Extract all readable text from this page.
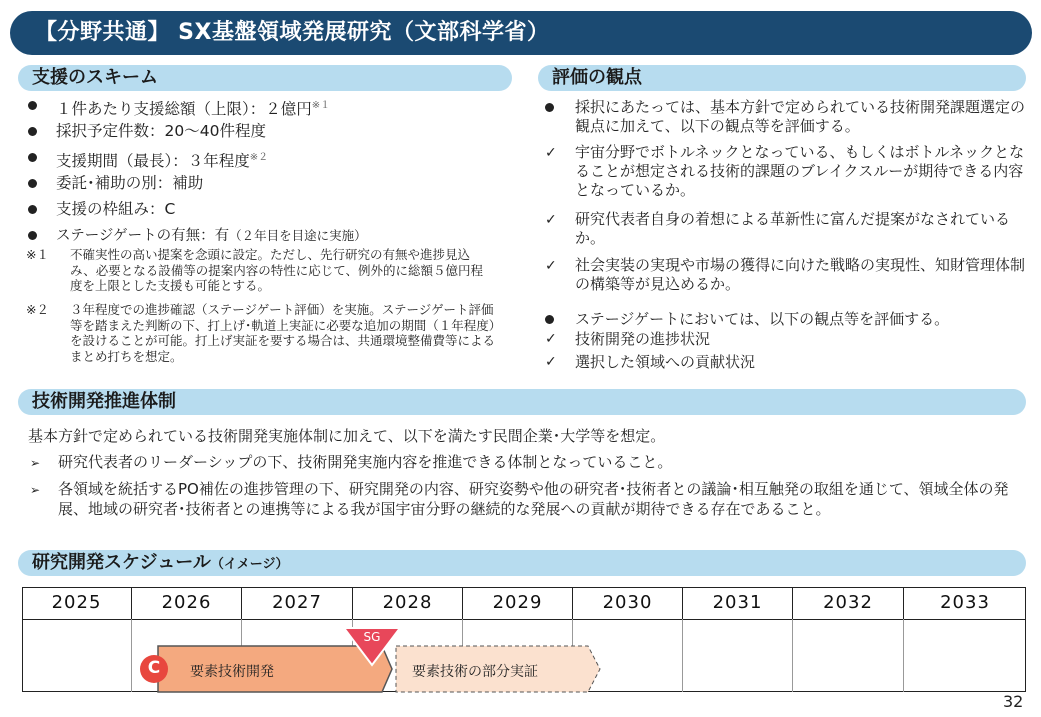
【分野共通】 SX基盤領域発展研究（文部科学省）
支援のスキーム
１件あたり支援総額（上限）：２億円$^{※1}$
採択予定件数：20～40件程度
支援期間（最長）：３年程度$^{※2}$
委託･補助の別：補助
支援の枠組み：C
ステージゲートの有無：有（２年目を目途に実施）
※１	不確実性の高い提案を念頭に設定。ただし、先行研究の有無や進捗見込み、必要となる設備等の提案内容の特性に応じて、例外的に総額５億円程度を上限とした支援も可能とする。
※２	３年程度での進捗確認（ステージゲート評価）を実施。ステージゲート評価等を踏まえた判断の下、打上げ･軌道上実証に必要な追加の期間（１年程度）を設けることが可能。打上げ実証を要する場合は、共通環境整備費等によるまとめ打ちを想定。
評価の観点
採択にあたっては、基本方針で定められている技術開発課題選定の観点に加えて、以下の観点等を評価する。
✓ 宇宙分野でボトルネックとなっている、もしくはボトルネックとなることが想定される技術的課題のブレイクスルーが期待できる内容となっているか。
✓ 研究代表者自身の着想による革新性に富んだ提案がなされているか。
✓ 社会実装の実現や市場の獲得に向けた戦略の実現性、知財管理体制の構築等が見込めるか。
ステージゲートにおいては、以下の観点等を評価する。
✓ 技術開発の進捗状況
✓ 選択した領域への貢献状況
技術開発推進体制
基本方針で定められている技術開発実施体制に加えて、以下を満たす民間企業･大学等を想定。
➢ 研究代表者のリーダーシップの下、技術開発実施内容を推進できる体制となっていること。
➢ 各領域を統括するPO補佐の進捗管理の下、研究開発の内容、研究姿勢や他の研究者･技術者との議論･相互触発の取組を通じて、領域全体の発展、地域の研究者･技術者との連携等による我が国宇宙分野の継続的な発展への貢献が期待できる存在であること。
研究開発スケジュール（イメージ）
2025	2026	2027	2028	2029	2030	2031	2032	2033
C
SG
要素技術開発	要素技術の部分実証
32
